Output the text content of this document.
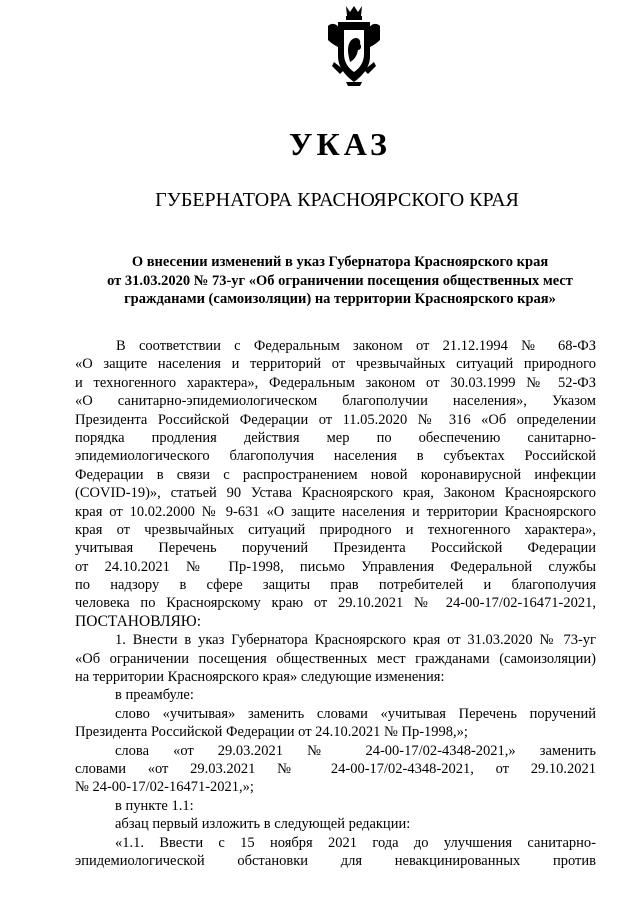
УКАЗ
ГУБЕРНАТОРА КРАСНОЯРСКОГО КРАЯ
О внесении изменений в указ Губернатора Красноярского края
от 31.03.2020 № 73-уг «Об ограничении посещения общественных мест
гражданами (самоизоляции) на территории Красноярского края»
В соответствии с Федеральным законом от 21.12.1994 № 68-ФЗ
«О защите населения и территорий от чрезвычайных ситуаций природного
и техногенного характера», Федеральным законом от 30.03.1999 № 52-ФЗ
«О санитарно-эпидемиологическом благополучии населения», Указом
Президента Российской Федерации от 11.05.2020 № 316 «Об определении
порядка продления действия мер по обеспечению санитарно-
эпидемиологического благополучия населения в субъектах Российской
Федерации в связи с распространением новой коронавирусной инфекции
(COVID-19)», статьей 90 Устава Красноярского края, Законом Красноярского
края от 10.02.2000 № 9-631 «О защите населения и территории Красноярского
края от чрезвычайных ситуаций природного и техногенного характера»,
учитывая Перечень поручений Президента Российской Федерации
от 24.10.2021 № Пр-1998, письмо Управления Федеральной службы
по надзору в сфере защиты прав потребителей и благополучия
человека по Красноярскому краю от 29.10.2021 № 24-00-17/02-16471-2021,
ПОСТАНОВЛЯЮ:
1. Внести в указ Губернатора Красноярского края от 31.03.2020 № 73-уг
«Об ограничении посещения общественных мест гражданами (самоизоляции)
на территории Красноярского края» следующие изменения:
в преамбуле:
слово «учитывая» заменить словами «учитывая Перечень поручений
Президента Российской Федерации от 24.10.2021 № Пр-1998,»;
слова «от 29.03.2021 № 24-00-17/02-4348-2021,» заменить
словами «от 29.03.2021 № 24-00-17/02-4348-2021, от 29.10.2021
№ 24-00-17/02-16471-2021,»;
в пункте 1.1:
абзац первый изложить в следующей редакции:
«1.1. Ввести с 15 ноября 2021 года до улучшения санитарно-
эпидемиологической обстановки для невакцинированных против
